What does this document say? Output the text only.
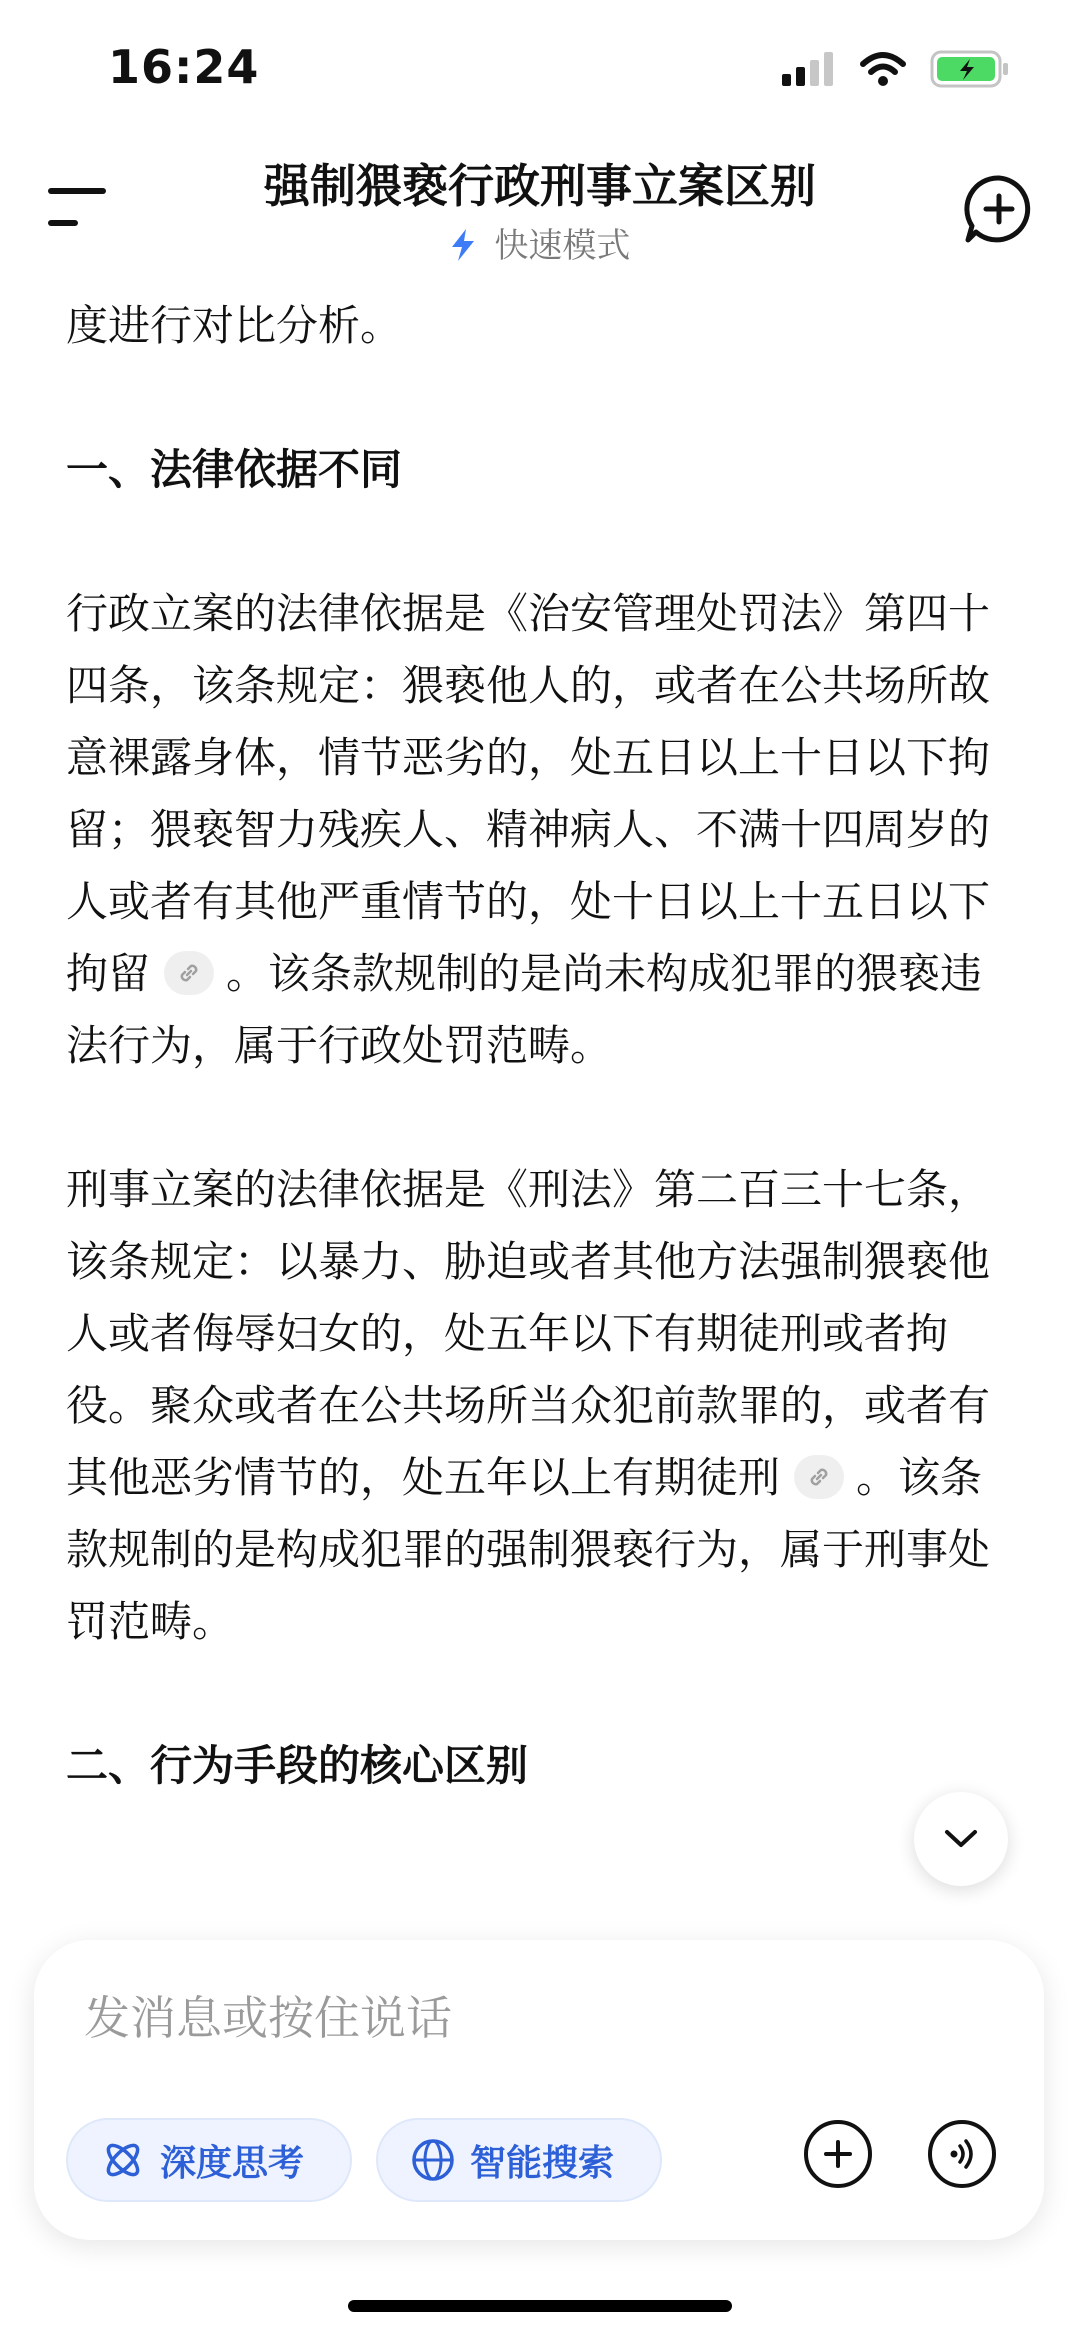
16:24
强制猥亵行政刑事立案区别
快速模式

度进行对比分析。

一、法律依据不同

行政立案的法律依据是《治安管理处罚法》第四十四条，该条规定：猥亵他人的，或者在公共场所故意裸露身体，情节恶劣的，处五日以上十日以下拘留；猥亵智力残疾人、精神病人、不满十四周岁的人或者有其他严重情节的，处十日以上十五日以下拘留 。该条款规制的是尚未构成犯罪的猥亵违法行为，属于行政处罚范畴。

刑事立案的法律依据是《刑法》第二百三十七条，该条规定：以暴力、胁迫或者其他方法强制猥亵他人或者侮辱妇女的，处五年以下有期徒刑或者拘役。聚众或者在公共场所当众犯前款罪的，或者有其他恶劣情节的，处五年以上有期徒刑 。该条款规制的是构成犯罪的强制猥亵行为，属于刑事处罚范畴。

二、行为手段的核心区别

发消息或按住说话
深度思考	智能搜索
